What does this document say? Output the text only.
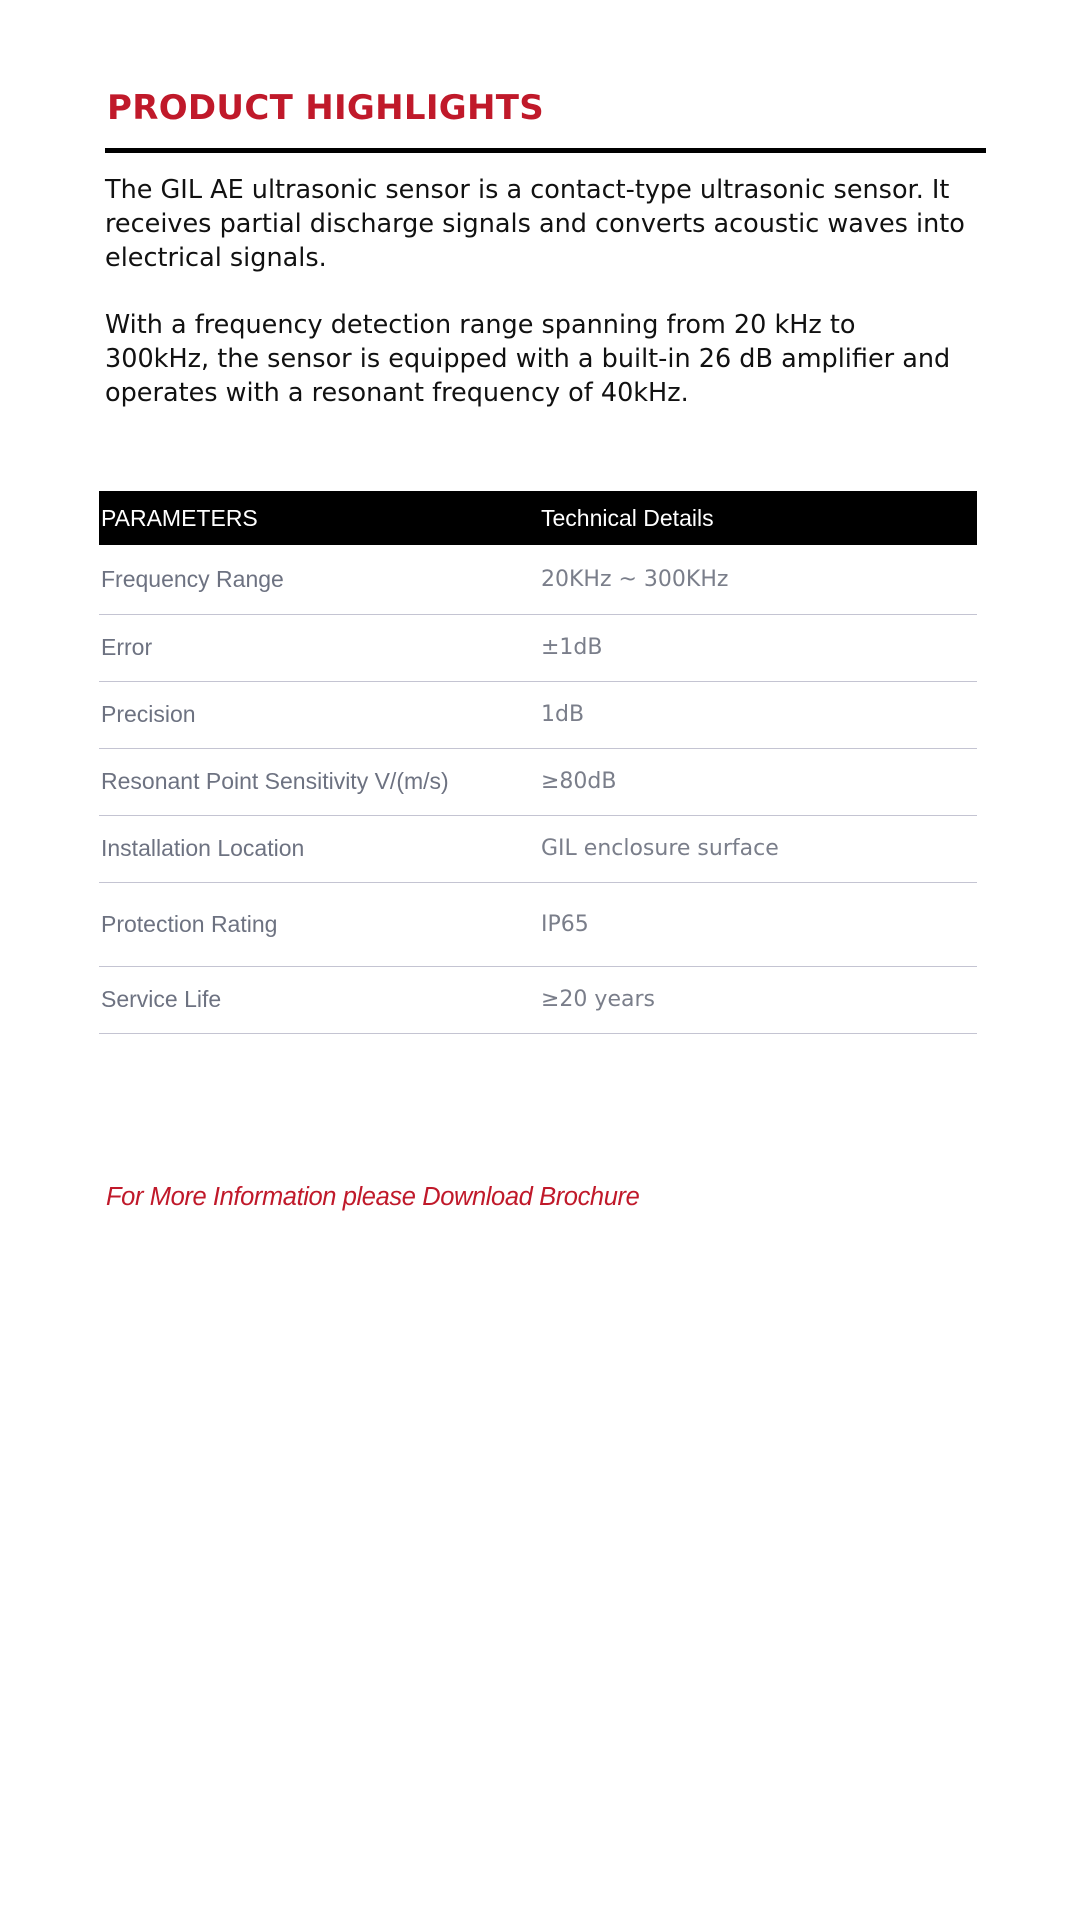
PRODUCT HIGHLIGHTS

The GIL AE ultrasonic sensor is a contact-type ultrasonic sensor. It
receives partial discharge signals and converts acoustic waves into
electrical signals.

With a frequency detection range spanning from 20 kHz to
300kHz, the sensor is equipped with a built-in 26 dB amplifier and
operates with a resonant frequency of 40kHz.

PARAMETERS	Technical Details
Frequency Range	20KHz ~ 300KHz
Error	±1dB
Precision	1dB
Resonant Point Sensitivity V/(m/s)	≥80dB
Installation Location	GIL enclosure surface
Protection Rating	IP65
Service Life	≥20 years
For More Information please Download Brochure
